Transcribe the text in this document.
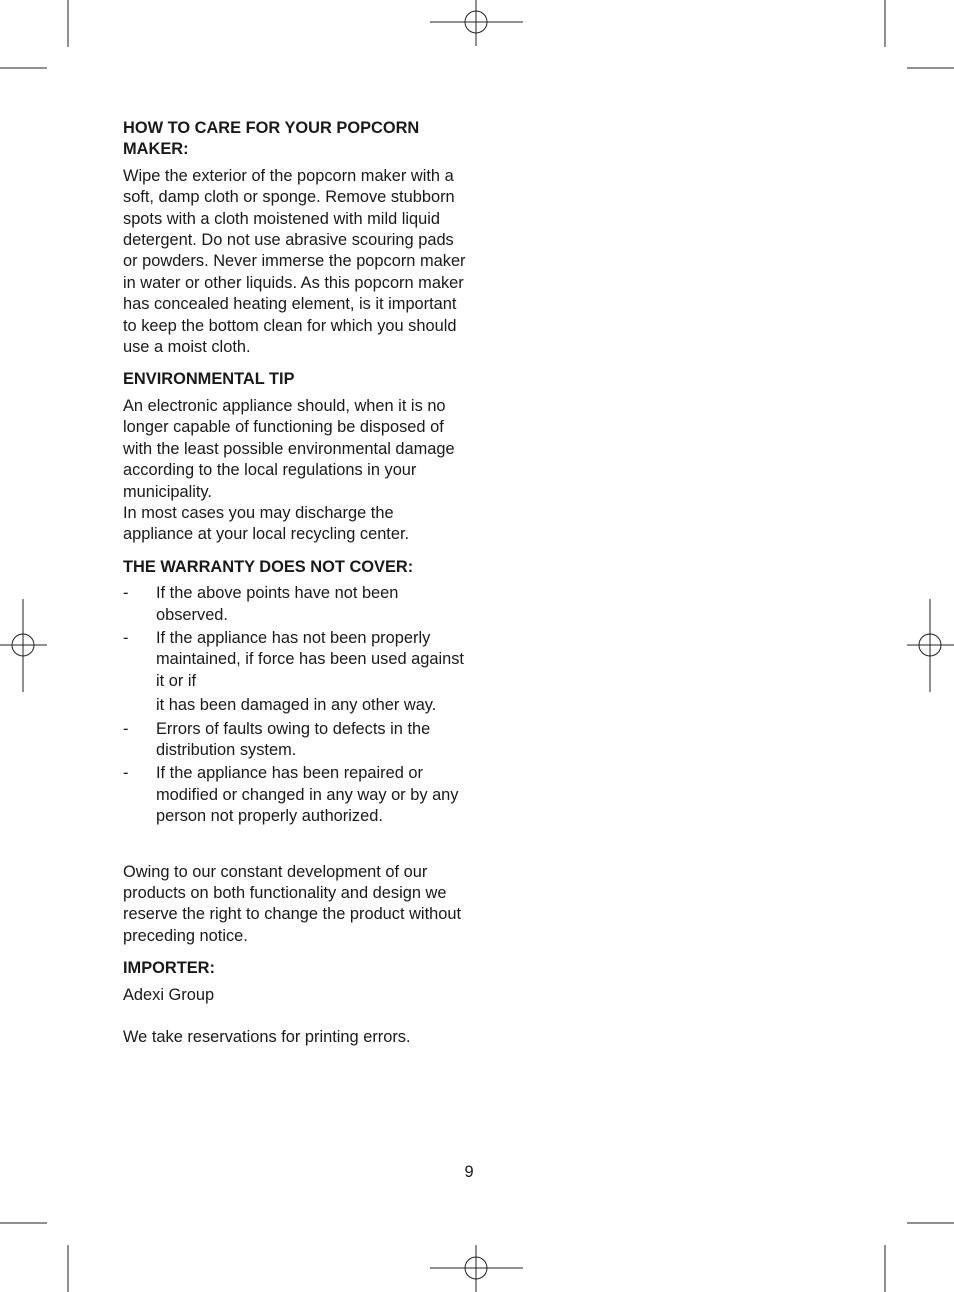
HOW TO CARE FOR YOUR POPCORN MAKER:

Wipe the exterior of the popcorn maker with a soft, damp cloth or sponge. Remove stubborn spots with a cloth moistened with mild liquid detergent. Do not use abrasive scouring pads or powders. Never immerse the popcorn maker in water or other liquids. As this popcorn maker has concealed heating element, is it important to keep the bottom clean for which you should use a moist cloth.

ENVIRONMENTAL TIP

An electronic appliance should, when it is no longer capable of functioning be disposed of with the least possible environmental damage according to the local regulations in your municipality.

In most cases you may discharge the appliance at your local recycling center.

THE WARRANTY DOES NOT COVER:

- If the above points have not been observed.
- If the appliance has not been properly maintained, if force has been used against it or if
it has been damaged in any other way.
- Errors of faults owing to defects in the distribution system.
- If the appliance has been repaired or modified or changed in any way or by any person not properly authorized.

Owing to our constant development of our products on both functionality and design we reserve the right to change the product without preceding notice.

IMPORTER:

Adexi Group

We take reservations for printing errors.

9
